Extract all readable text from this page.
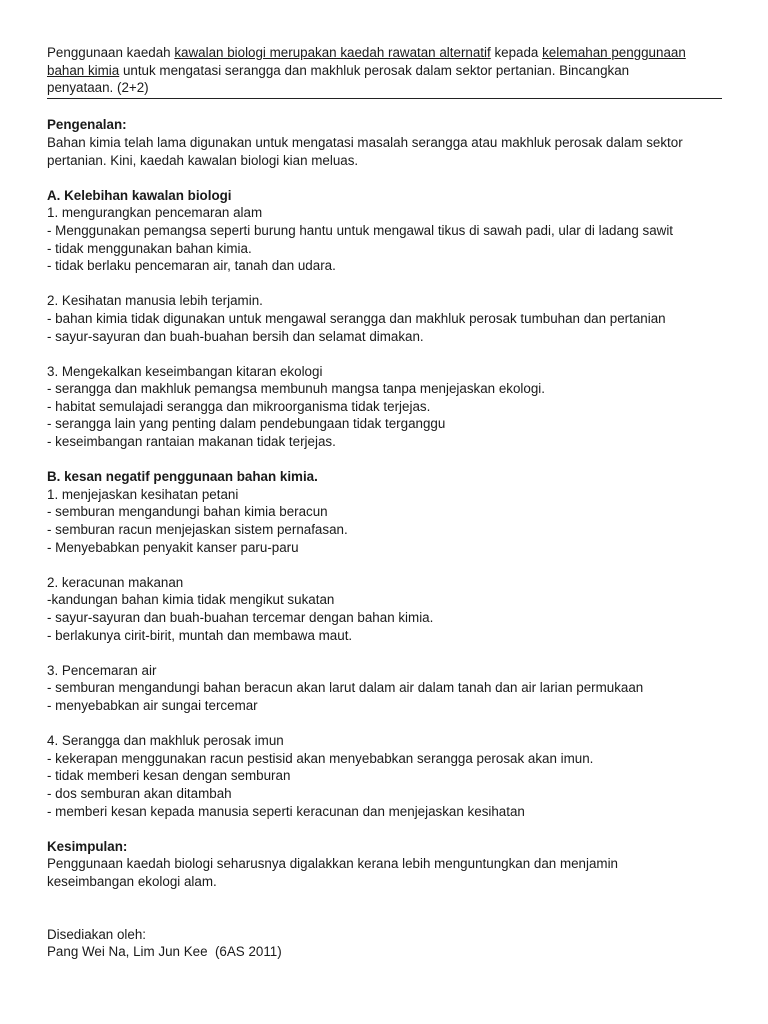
Penggunaan kaedah kawalan biologi merupakan kaedah rawatan alternatif kepada kelemahan penggunaan
bahan kimia untuk mengatasi serangga dan makhluk perosak dalam sektor pertanian. Bincangkan
penyataan. (2+2)
Pengenalan:
Bahan kimia telah lama digunakan untuk mengatasi masalah serangga atau makhluk perosak dalam sektor
pertanian. Kini, kaedah kawalan biologi kian meluas.
A. Kelebihan kawalan biologi
1. mengurangkan pencemaran alam
- Menggunakan pemangsa seperti burung hantu untuk mengawal tikus di sawah padi, ular di ladang sawit
- tidak menggunakan bahan kimia.
- tidak berlaku pencemaran air, tanah dan udara.
2. Kesihatan manusia lebih terjamin.
- bahan kimia tidak digunakan untuk mengawal serangga dan makhluk perosak tumbuhan dan pertanian
- sayur-sayuran dan buah-buahan bersih dan selamat dimakan.
3. Mengekalkan keseimbangan kitaran ekologi
- serangga dan makhluk pemangsa membunuh mangsa tanpa menjejaskan ekologi.
- habitat semulajadi serangga dan mikroorganisma tidak terjejas.
- serangga lain yang penting dalam pendebungaan tidak terganggu
- keseimbangan rantaian makanan tidak terjejas.
B. kesan negatif penggunaan bahan kimia.
1. menjejaskan kesihatan petani
- semburan mengandungi bahan kimia beracun
- semburan racun menjejaskan sistem pernafasan.
- Menyebabkan penyakit kanser paru-paru
2. keracunan makanan
-kandungan bahan kimia tidak mengikut sukatan
- sayur-sayuran dan buah-buahan tercemar dengan bahan kimia.
- berlakunya cirit-birit, muntah dan membawa maut.
3. Pencemaran air
- semburan mengandungi bahan beracun akan larut dalam air dalam tanah dan air larian permukaan
- menyebabkan air sungai tercemar
4. Serangga dan makhluk perosak imun
- kekerapan menggunakan racun pestisid akan menyebabkan serangga perosak akan imun.
- tidak memberi kesan dengan semburan
- dos semburan akan ditambah
- memberi kesan kepada manusia seperti keracunan dan menjejaskan kesihatan
Kesimpulan:
Penggunaan kaedah biologi seharusnya digalakkan kerana lebih menguntungkan dan menjamin
keseimbangan ekologi alam.
Disediakan oleh:
Pang Wei Na, Lim Jun Kee  (6AS 2011)
